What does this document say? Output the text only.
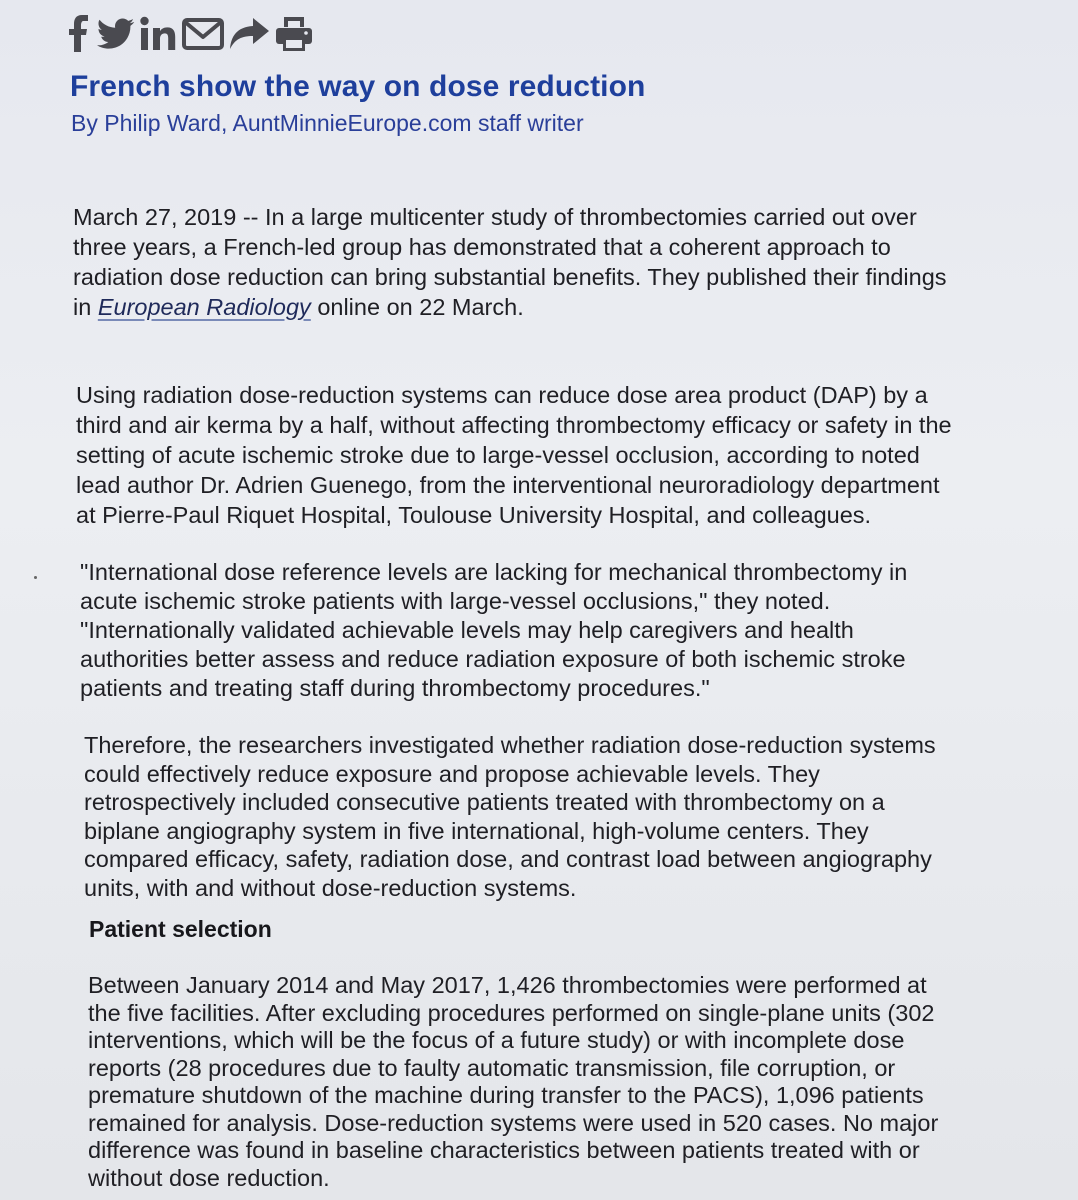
French show the way on dose reduction
By Philip Ward, AuntMinnieEurope.com staff writer

March 27, 2019 -- In a large multicenter study of thrombectomies carried out over
three years, a French-led group has demonstrated that a coherent approach to
radiation dose reduction can bring substantial benefits. They published their findings
in European Radiology online on 22 March.

Using radiation dose-reduction systems can reduce dose area product (DAP) by a
third and air kerma by a half, without affecting thrombectomy efficacy or safety in the
setting of acute ischemic stroke due to large-vessel occlusion, according to noted
lead author Dr. Adrien Guenego, from the interventional neuroradiology department
at Pierre-Paul Riquet Hospital, Toulouse University Hospital, and colleagues.

"International dose reference levels are lacking for mechanical thrombectomy in
acute ischemic stroke patients with large-vessel occlusions," they noted.
"Internationally validated achievable levels may help caregivers and health
authorities better assess and reduce radiation exposure of both ischemic stroke
patients and treating staff during thrombectomy procedures."

Therefore, the researchers investigated whether radiation dose-reduction systems
could effectively reduce exposure and propose achievable levels. They
retrospectively included consecutive patients treated with thrombectomy on a
biplane angiography system in five international, high-volume centers. They
compared efficacy, safety, radiation dose, and contrast load between angiography
units, with and without dose-reduction systems.

Patient selection

Between January 2014 and May 2017, 1,426 thrombectomies were performed at
the five facilities. After excluding procedures performed on single-plane units (302
interventions, which will be the focus of a future study) or with incomplete dose
reports (28 procedures due to faulty automatic transmission, file corruption, or
premature shutdown of the machine during transfer to the PACS), 1,096 patients
remained for analysis. Dose-reduction systems were used in 520 cases. No major
difference was found in baseline characteristics between patients treated with or
without dose reduction.
